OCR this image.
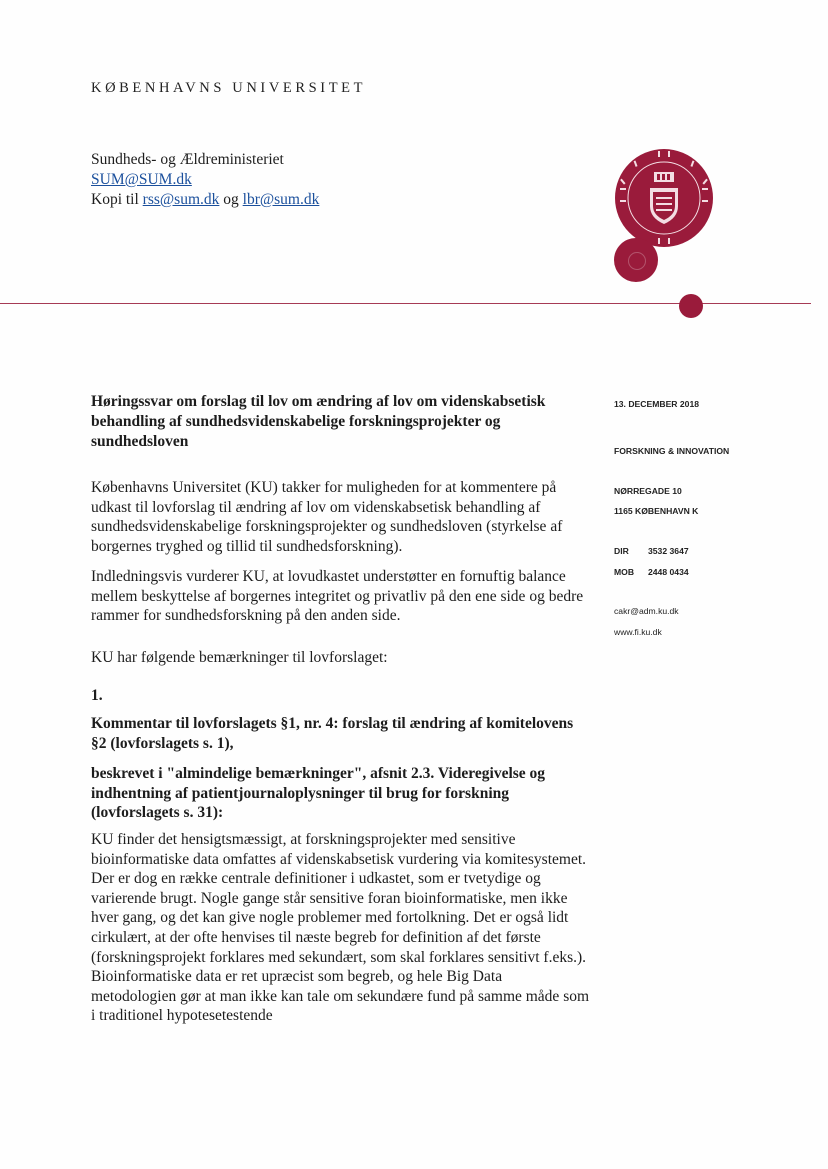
KØBENHAVNS UNIVERSITET
Sundheds- og Ældreministeriet
SUM@SUM.dk
Kopi til rss@sum.dk og lbr@sum.dk
Høringssvar om forslag til lov om ændring af lov om videnskabsetisk behandling af sundhedsvidenskabelige forskningsprojekter og sundhedsloven
13. DECEMBER 2018
FORSKNING & INNOVATION
NØRREGADE 10
1165 KØBENHAVN K
DIR 3532 3647
MOB 2448 0434
cakr@adm.ku.dk
www.fi.ku.dk

Københavns Universitet (KU) takker for muligheden for at kommentere på udkast til lovforslag til ændring af lov om videnskabsetisk behandling af sundhedsvidenskabelige forskningsprojekter og sundhedsloven (styrkelse af borgernes tryghed og tillid til sundhedsforskning).

Indledningsvis vurderer KU, at lovudkastet understøtter en fornuftig balance mellem beskyttelse af borgernes integritet og privatliv på den ene side og bedre rammer for sundhedsforskning på den anden side.

KU har følgende bemærkninger til lovforslaget:

1.
Kommentar til lovforslagets §1, nr. 4: forslag til ændring af komitelovens §2 (lovforslagets s. 1),
beskrevet i "almindelige bemærkninger", afsnit 2.3. Videregivelse og indhentning af patientjournaloplysninger til brug for forskning (lovforslagets s. 31):
KU finder det hensigtsmæssigt, at forskningsprojekter med sensitive bioinformatiske data omfattes af videnskabsetisk vurdering via komitesystemet. Der er dog en række centrale definitioner i udkastet, som er tvetydige og varierende brugt. Nogle gange står sensitive foran bioinformatiske, men ikke hver gang, og det kan give nogle problemer med fortolkning. Det er også lidt cirkulært, at der ofte henvises til næste begreb for definition af det første (forskningsprojekt forklares med sekundært, som skal forklares sensitivt f.eks.). Bioinformatiske data er ret upræcist som begreb, og hele Big Data metodologien gør at man ikke kan tale om sekundære fund på samme måde som i traditionel hypotesetestende
